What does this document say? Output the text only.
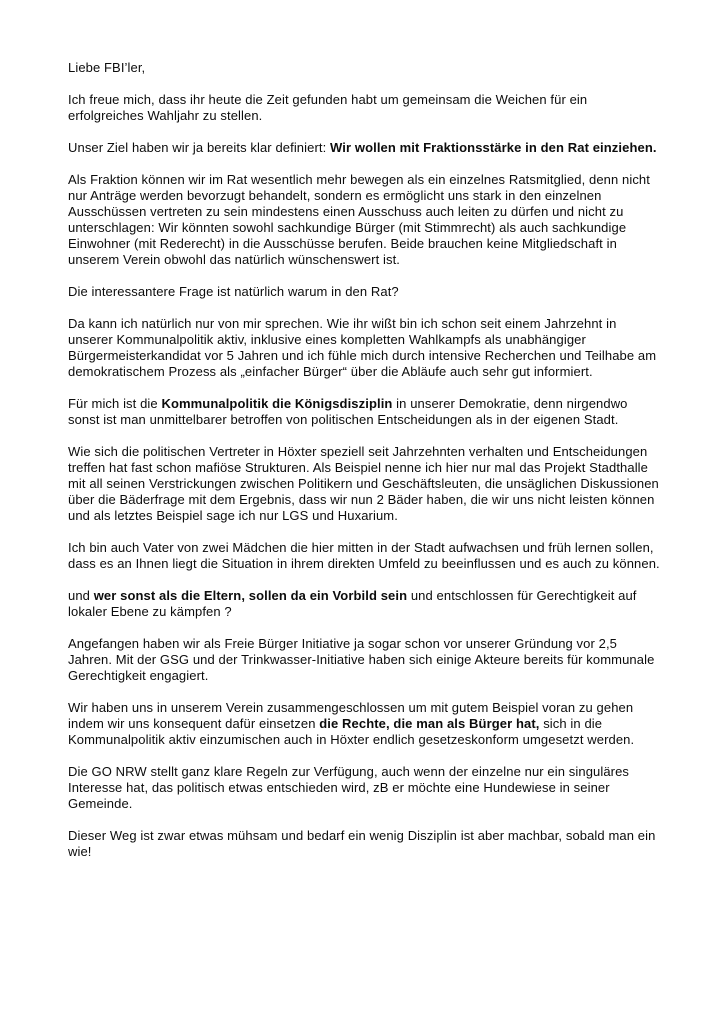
Liebe FBI’ler,

Ich freue mich, dass ihr heute die Zeit gefunden habt um gemeinsam die Weichen für ein erfolgreiches Wahljahr zu stellen.

Unser Ziel haben wir ja bereits klar definiert: Wir wollen mit Fraktionsstärke in den Rat einziehen.

Als Fraktion können wir im Rat wesentlich mehr bewegen als ein einzelnes Ratsmitglied, denn nicht nur Anträge werden bevorzugt behandelt, sondern es ermöglicht uns stark in den einzelnen Ausschüssen vertreten zu sein mindestens einen Ausschuss auch leiten zu dürfen und nicht zu unterschlagen: Wir könnten sowohl sachkundige Bürger (mit Stimmrecht) als auch sachkundige Einwohner (mit Rederecht) in die Ausschüsse berufen. Beide brauchen keine Mitgliedschaft in unserem Verein obwohl das natürlich wünschenswert ist.

Die interessantere Frage ist natürlich warum in den Rat?

Da kann ich natürlich nur von mir sprechen. Wie ihr wißt bin ich schon seit einem Jahrzehnt in unserer Kommunalpolitik aktiv, inklusive eines kompletten Wahlkampfs als unabhängiger Bürgermeisterkandidat vor 5 Jahren und ich fühle mich durch intensive Recherchen und Teilhabe am demokratischem Prozess als „einfacher Bürger“ über die Abläufe auch sehr gut informiert.

Für mich ist die Kommunalpolitik die Königsdisziplin in unserer Demokratie, denn nirgendwo sonst ist man unmittelbarer betroffen von politischen Entscheidungen als in der eigenen Stadt.

Wie sich die politischen Vertreter in Höxter speziell seit Jahrzehnten verhalten und Entscheidungen treffen hat fast schon mafiöse Strukturen. Als Beispiel nenne ich hier nur mal das Projekt Stadthalle mit all seinen Verstrickungen zwischen Politikern und Geschäftsleuten, die unsäglichen Diskussionen über die Bäderfrage mit dem Ergebnis, dass wir nun 2 Bäder haben, die wir uns nicht leisten können und als letztes Beispiel sage ich nur LGS und Huxarium.

Ich bin auch Vater von zwei Mädchen die hier mitten in der Stadt aufwachsen und früh lernen sollen, dass es an Ihnen liegt die Situation in ihrem direkten Umfeld zu beeinflussen und es auch zu können.

und wer sonst als die Eltern, sollen da ein Vorbild sein und entschlossen für Gerechtigkeit auf lokaler Ebene zu kämpfen ?

Angefangen haben wir als Freie Bürger Initiative ja sogar schon vor unserer Gründung vor 2,5 Jahren. Mit der GSG und der Trinkwasser-Initiative haben sich einige Akteure bereits für kommunale Gerechtigkeit engagiert.

Wir haben uns in unserem Verein zusammengeschlossen um mit gutem Beispiel voran zu gehen indem wir uns konsequent dafür einsetzen die Rechte, die man als Bürger hat, sich in die Kommunalpolitik aktiv einzumischen auch in Höxter endlich gesetzeskonform umgesetzt werden.

Die GO NRW stellt ganz klare Regeln zur Verfügung, auch wenn der einzelne nur ein singuläres Interesse hat, das politisch etwas entschieden wird, zB er möchte eine Hundewiese in seiner Gemeinde.

Dieser Weg ist zwar etwas mühsam und bedarf ein wenig Disziplin ist aber machbar, sobald man ein wie!
